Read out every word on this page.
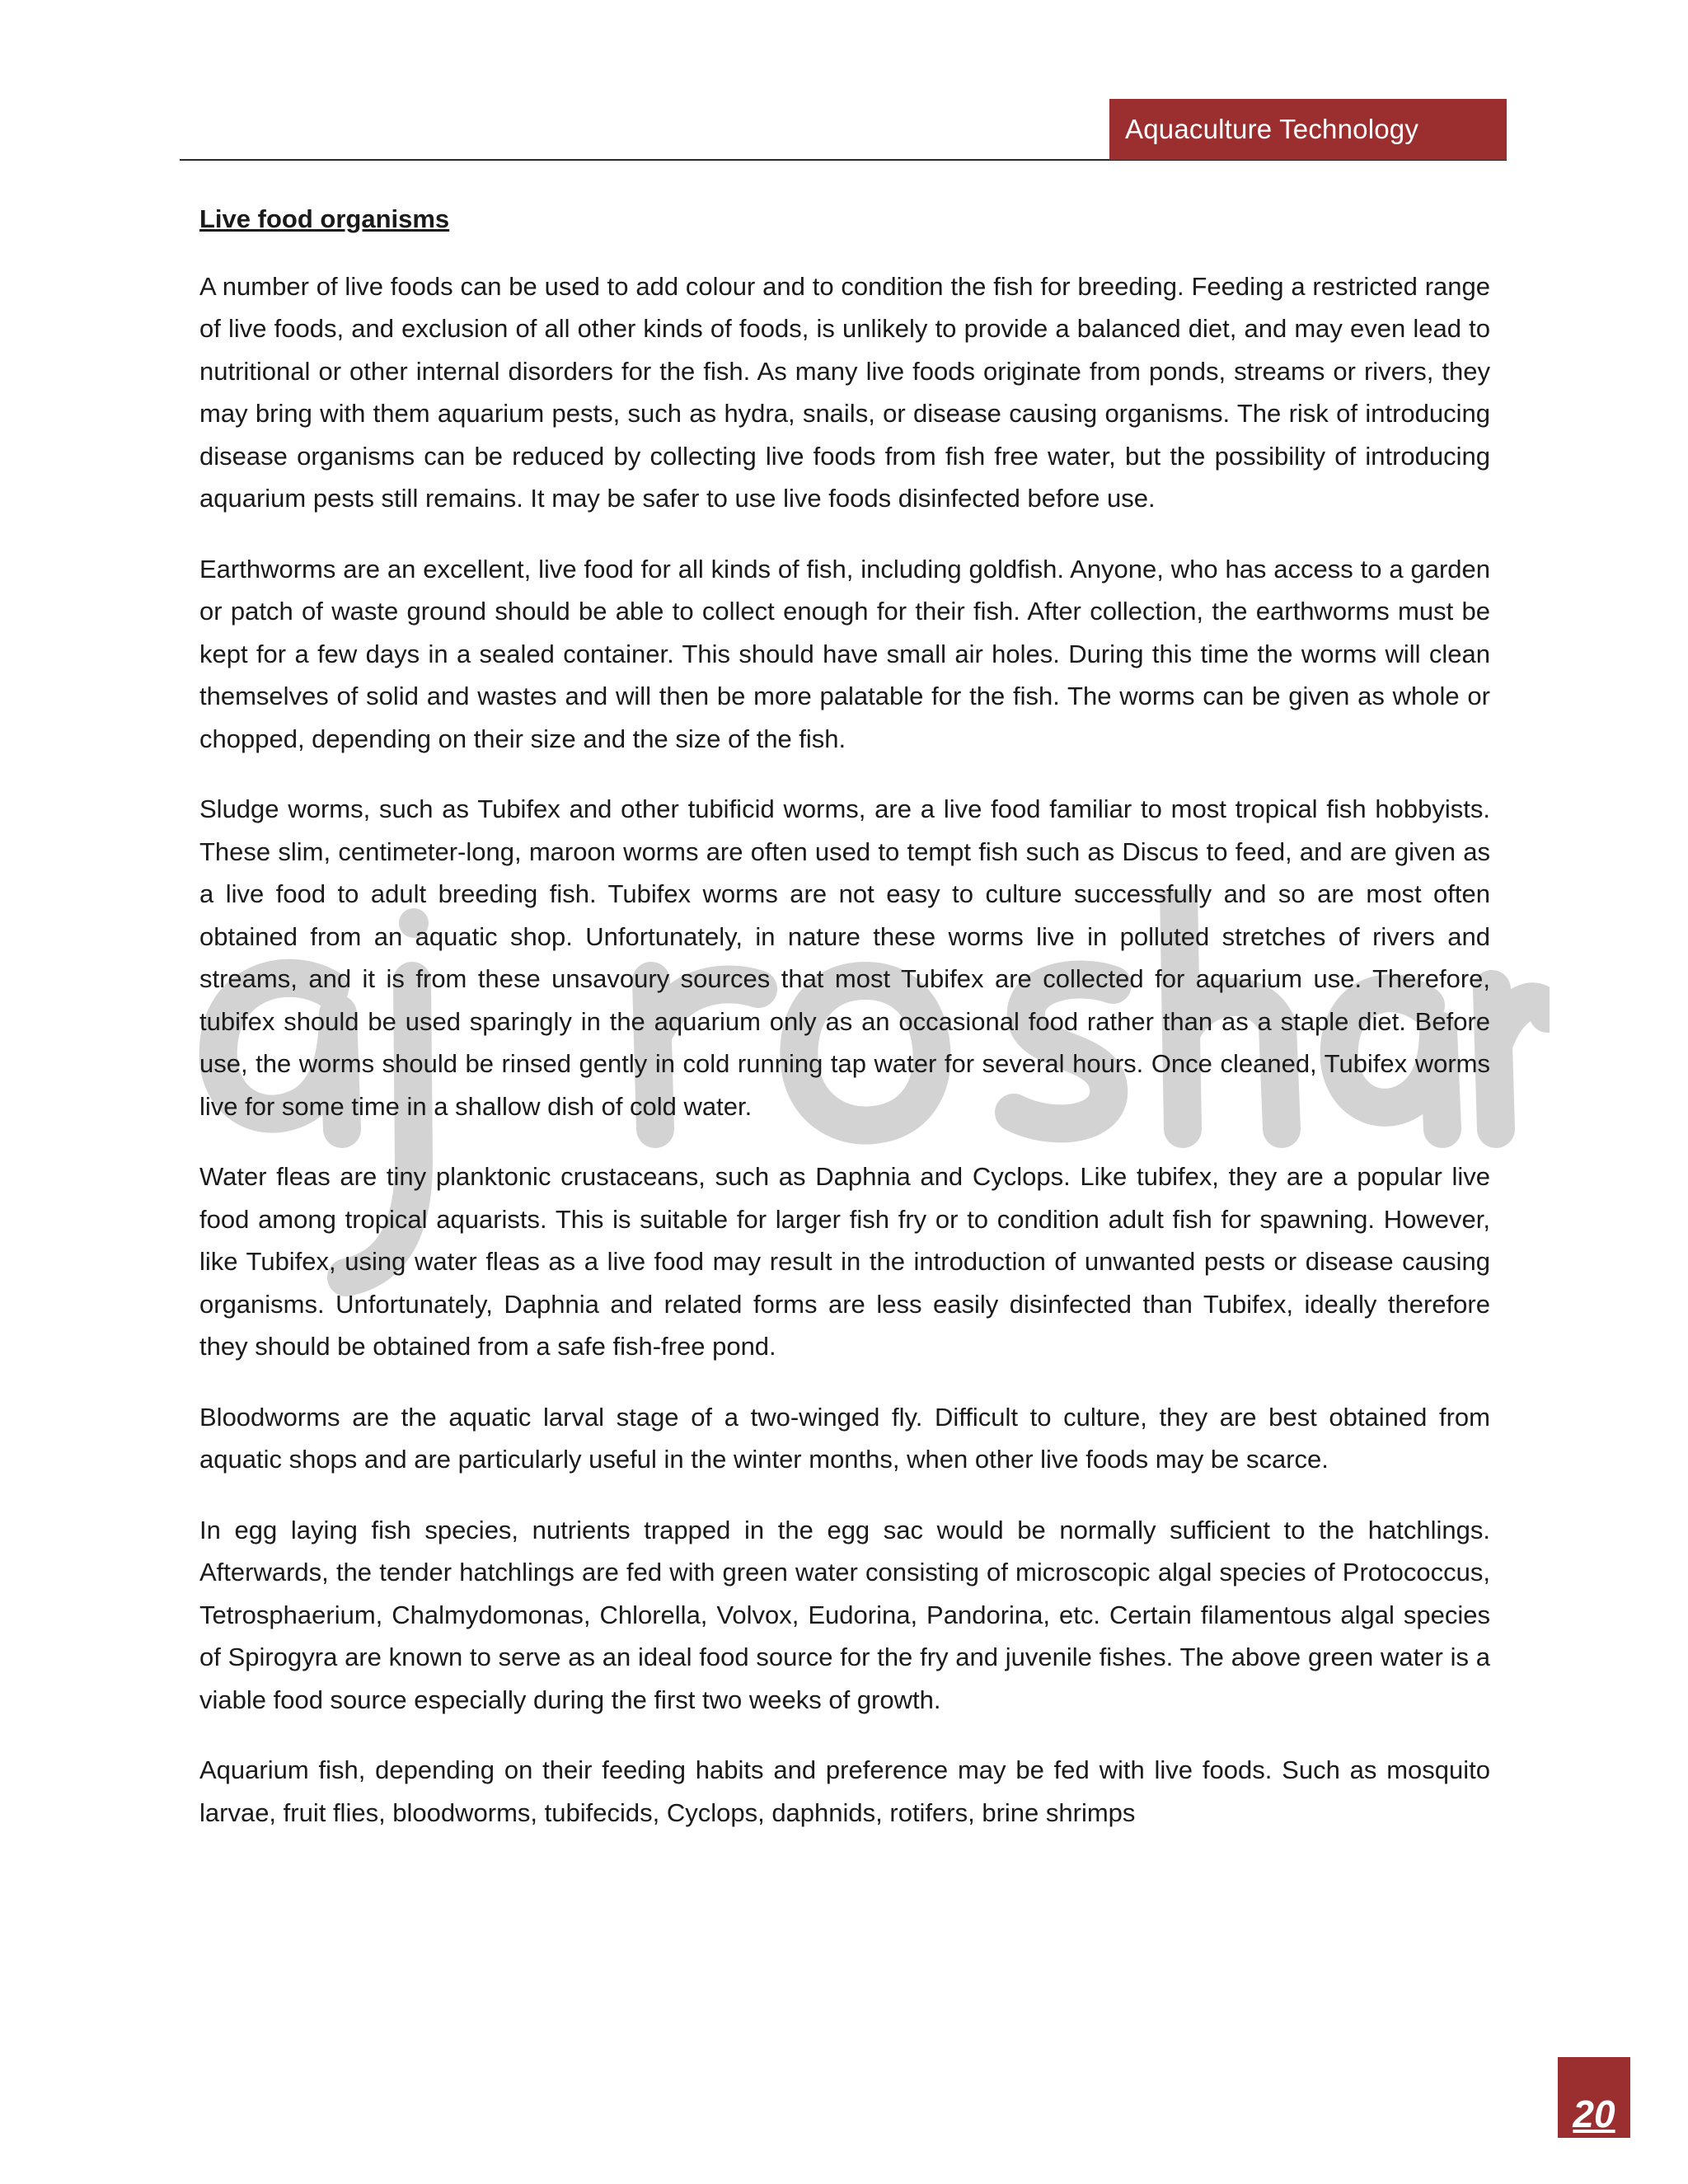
Aquaculture Technology
Live food organisms

A number of live foods can be used to add colour and to condition the fish for breeding. Feeding a restricted range of live foods, and exclusion of all other kinds of foods, is unlikely to provide a balanced diet, and may even lead to nutritional or other internal disorders for the fish. As many live foods originate from ponds, streams or rivers, they may bring with them aquarium pests, such as hydra, snails, or disease causing organisms. The risk of introducing disease organisms can be reduced by collecting live foods from fish free water, but the possibility of introducing aquarium pests still remains. It may be safer to use live foods disinfected before use.

Earthworms are an excellent, live food for all kinds of fish, including goldfish. Anyone, who has access to a garden or patch of waste ground should be able to collect enough for their fish. After collection, the earthworms must be kept for a few days in a sealed container. This should have small air holes. During this time the worms will clean themselves of solid and wastes and will then be more palatable for the fish. The worms can be given as whole or chopped, depending on their size and the size of the fish.

Sludge worms, such as Tubifex and other tubificid worms, are a live food familiar to most tropical fish hobbyists. These slim, centimeter-long, maroon worms are often used to tempt fish such as Discus to feed, and are given as a live food to adult breeding fish. Tubifex worms are not easy to culture successfully and so are most often obtained from an aquatic shop. Unfortunately, in nature these worms live in polluted stretches of rivers and streams, and it is from these unsavoury sources that most Tubifex are collected for aquarium use. Therefore, tubifex should be used sparingly in the aquarium only as an occasional food rather than as a staple diet. Before use, the worms should be rinsed gently in cold running tap water for several hours. Once cleaned, Tubifex worms live for some time in a shallow dish of cold water.

Water fleas are tiny planktonic crustaceans, such as Daphnia and Cyclops. Like tubifex, they are a popular live food among tropical aquarists. This is suitable for larger fish fry or to condition adult fish for spawning. However, like Tubifex, using water fleas as a live food may result in the introduction of unwanted pests or disease causing organisms. Unfortunately, Daphnia and related forms are less easily disinfected than Tubifex, ideally therefore they should be obtained from a safe fish-free pond.

Bloodworms are the aquatic larval stage of a two-winged fly. Difficult to culture, they are best obtained from aquatic shops and are particularly useful in the winter months, when other live foods may be scarce.

In egg laying fish species, nutrients trapped in the egg sac would be normally sufficient to the hatchlings. Afterwards, the tender hatchlings are fed with green water consisting of microscopic algal species of Protococcus, Tetrosphaerium, Chalmydomonas, Chlorella, Volvox, Eudorina, Pandorina, etc. Certain filamentous algal species of Spirogyra are known to serve as an ideal food source for the fry and juvenile fishes. The above green water is a viable food source especially during the first two weeks of growth.

Aquarium fish, depending on their feeding habits and preference may be fed with live foods. Such as mosquito larvae, fruit flies, bloodworms, tubifecids, Cyclops, daphnids, rotifers, brine shrimps

20
